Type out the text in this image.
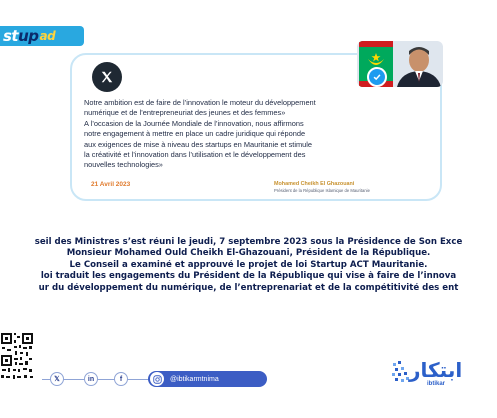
st up ad

Notre ambition est de faire de l’innovation le moteur du développement

numérique et de l’entrepreneuriat des jeunes et des femmes»

A l’occasion de la Journée Mondiale de l’innovation, nous affirmons

notre engagement à mettre en place un cadre juridique qui réponde

aux exigences de mise à niveau des startups en Mauritanie et stimule

la créativité et l’innovation dans l’utilisation et le développement des

nouvelles technologies»

21 Avril 2023	Mohamed Cheikh El Ghazouani
Président de la République Islamique de Mauritanie
seil des Ministres s’est réuni le jeudi, 7 septembre 2023 sous la Présidence de Son Exce
Monsieur Mohamed Ould Cheikh El-Ghazouani, Président de la République.
Le Conseil a examiné et approuvé le projet de loi Startup ACT Mauritanie.
loi traduit les engagements du Président de la République qui vise à faire de l’innova
ur du développement du numérique, de l’entreprenariat et de la compétitivité des ent
𝕏	in	f	@ibtikarmtnima	ابتكار
ibtikar
